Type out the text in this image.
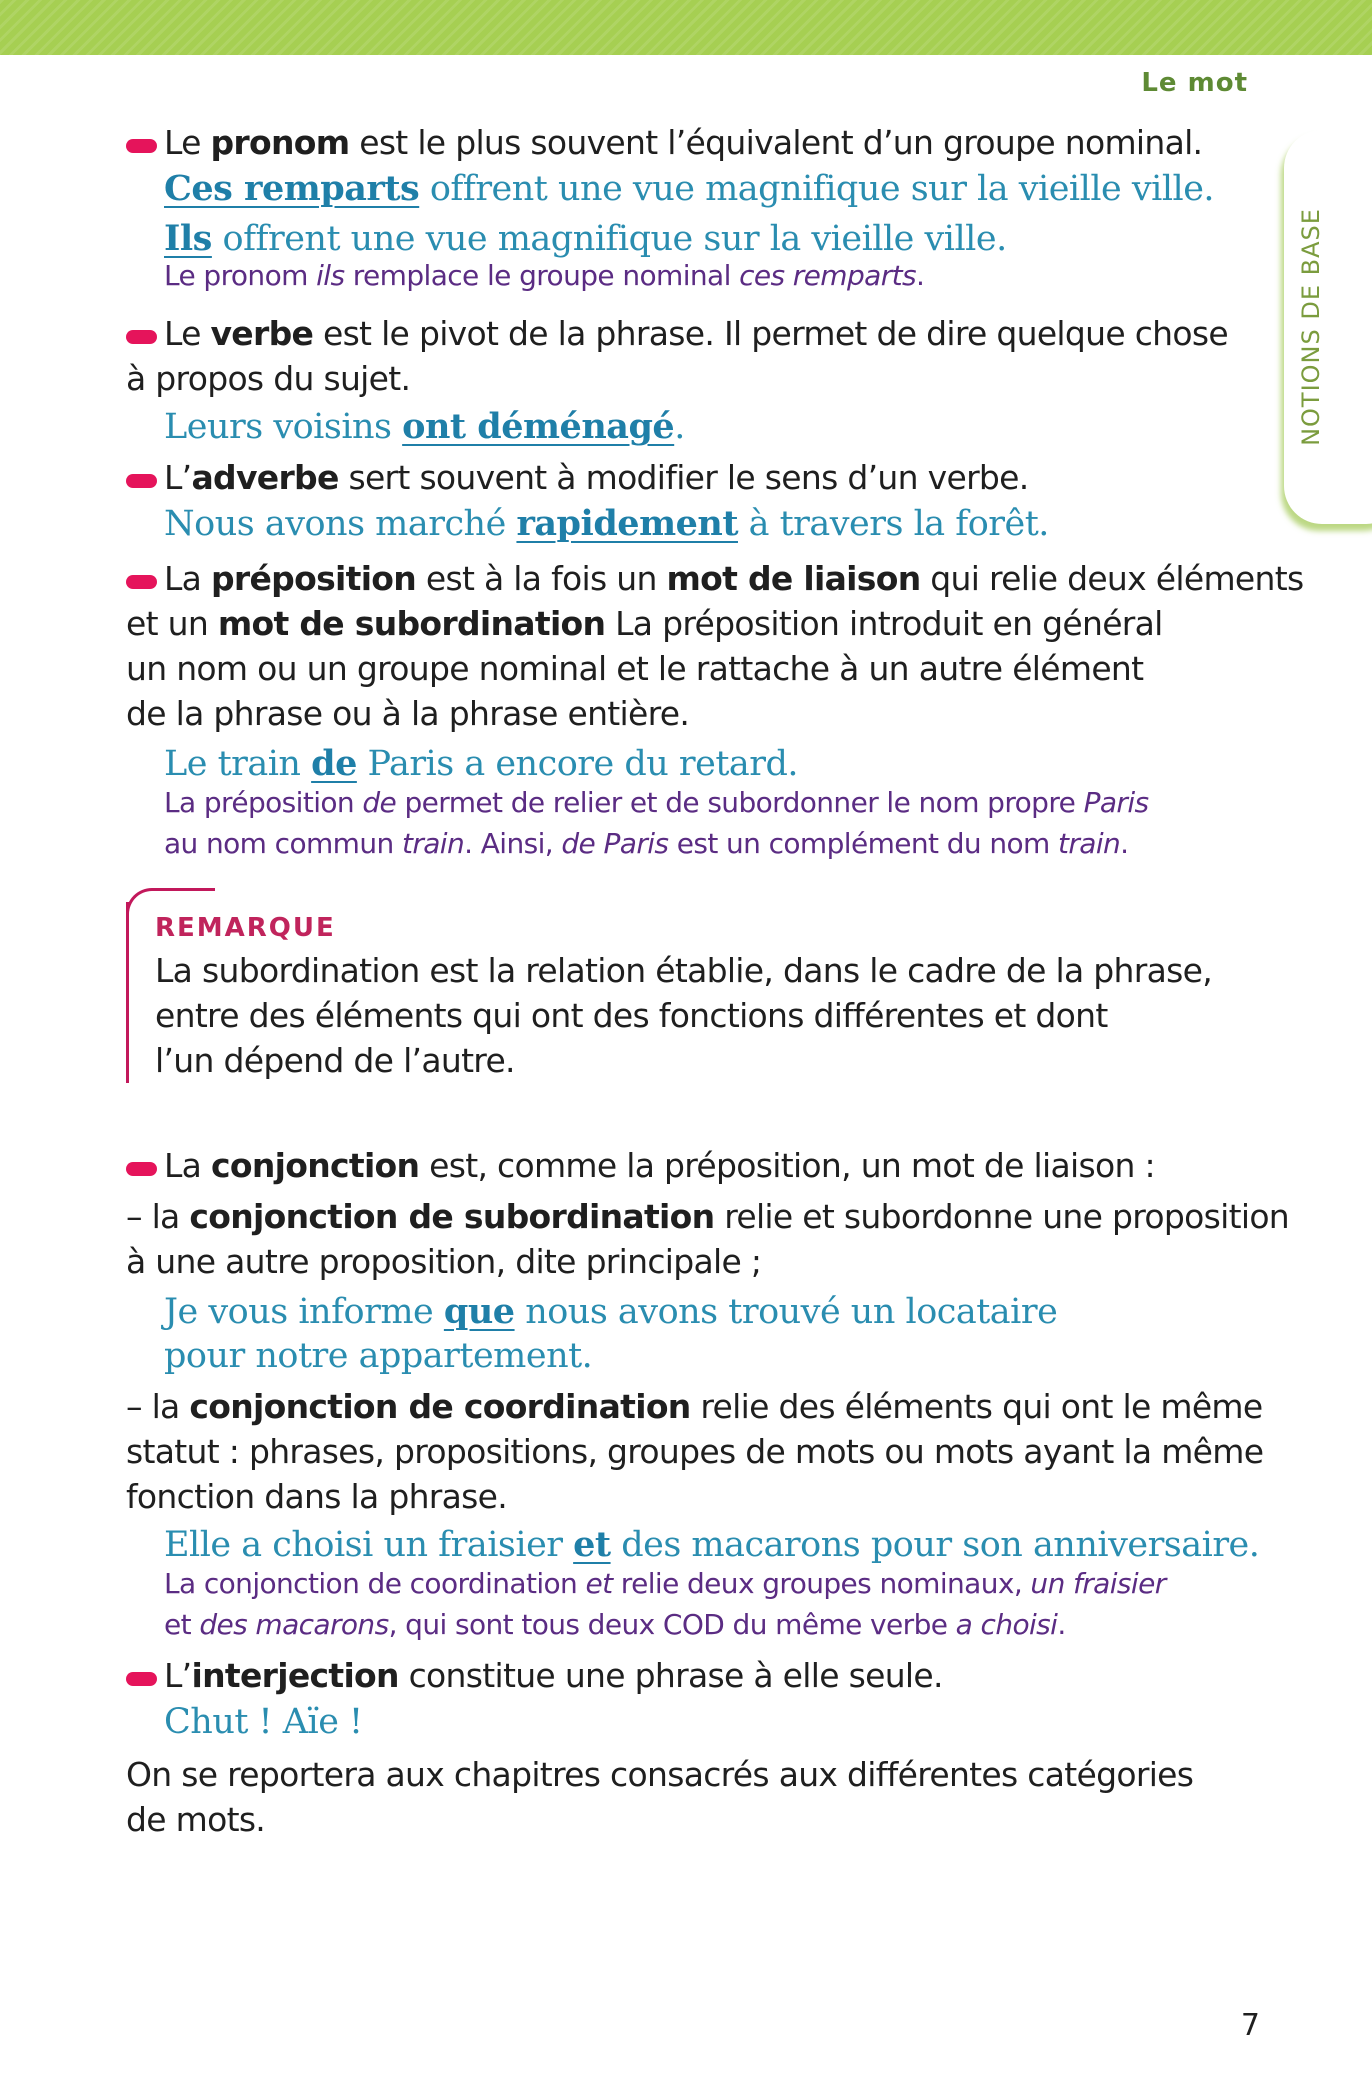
Le mot
NOTIONS DE BASE
Le pronom est le plus souvent l’équivalent d’un groupe nominal.
Ces remparts offrent une vue magnifique sur la vieille ville.
Ils offrent une vue magnifique sur la vieille ville.
Le pronom ils remplace le groupe nominal ces remparts.
Le verbe est le pivot de la phrase. Il permet de dire quelque chose
à propos du sujet.
Leurs voisins ont déménagé.
L’adverbe sert souvent à modifier le sens d’un verbe.
Nous avons marché rapidement à travers la forêt.
La préposition est à la fois un mot de liaison qui relie deux éléments
et un mot de subordination La préposition introduit en général
un nom ou un groupe nominal et le rattache à un autre élément
de la phrase ou à la phrase entière.
Le train de Paris a encore du retard.
La préposition de permet de relier et de subordonner le nom propre Paris
au nom commun train. Ainsi, de Paris est un complément du nom train.
REMARQUE
La subordination est la relation établie, dans le cadre de la phrase,
entre des éléments qui ont des fonctions différentes et dont
l’un dépend de l’autre.
La conjonction est, comme la préposition, un mot de liaison :
– la conjonction de subordination relie et subordonne une proposition
à une autre proposition, dite principale ;
Je vous informe que nous avons trouvé un locataire
pour notre appartement.
– la conjonction de coordination relie des éléments qui ont le même
statut : phrases, propositions, groupes de mots ou mots ayant la même
fonction dans la phrase.
Elle a choisi un fraisier et des macarons pour son anniversaire.
La conjonction de coordination et relie deux groupes nominaux, un fraisier
et des macarons, qui sont tous deux COD du même verbe a choisi.
L’interjection constitue une phrase à elle seule.
Chut ! Aïe !
On se reportera aux chapitres consacrés aux différentes catégories
de mots.
7
